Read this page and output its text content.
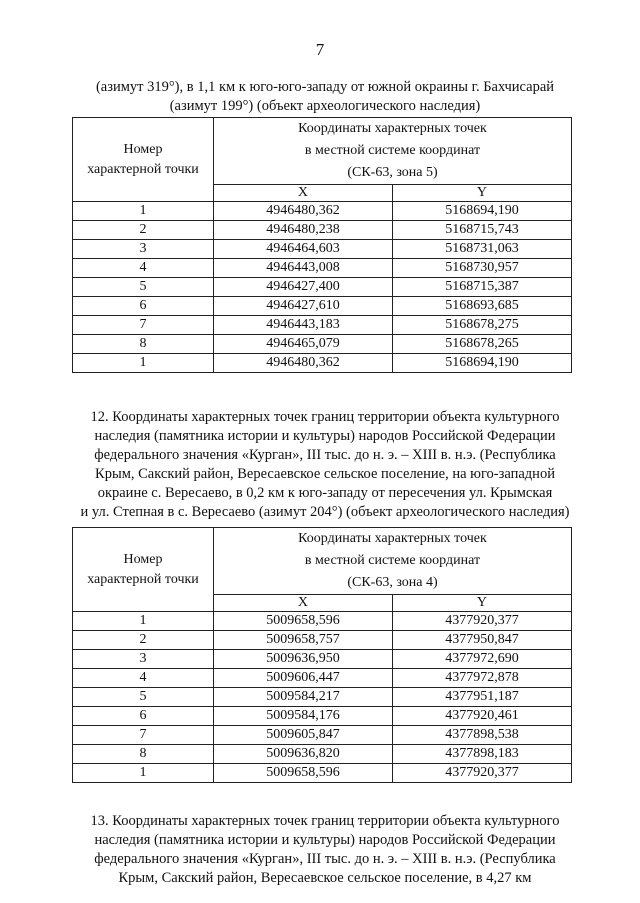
7
(азимут 319°), в 1,1 км к юго-юго-западу от южной окраины г. Бахчисарай
(азимут 199°) (объект археологического наследия)
Номер
характерной точки	Координаты характерных точек
в местной системе координат
(СК-63, зона 5)	

	X	Y
1	4946480,362	5168694,190
2	4946480,238	5168715,743
3	4946464,603	5168731,063
4	4946443,008	5168730,957
5	4946427,400	5168715,387
6	4946427,610	5168693,685
7	4946443,183	5168678,275
8	4946465,079	5168678,265
1	4946480,362	5168694,190
12. Координаты характерных точек границ территории объекта культурного
наследия (памятника истории и культуры) народов Российской Федерации
федерального значения «Курган», III тыс. до н. э. – XIII в. н.э. (Республика
Крым, Сакский район, Вересаевское сельское поселение, на юго-западной
окраине с. Вересаево, в 0,2 км к юго-западу от пересечения ул. Крымская
и ул. Степная в с. Вересаево (азимут 204°) (объект археологического наследия)
Номер
характерной точки	Координаты характерных точек
в местной системе координат
(СК-63, зона 4)	

	X	Y
1	5009658,596	4377920,377
2	5009658,757	4377950,847
3	5009636,950	4377972,690
4	5009606,447	4377972,878
5	5009584,217	4377951,187
6	5009584,176	4377920,461
7	5009605,847	4377898,538
8	5009636,820	4377898,183
1	5009658,596	4377920,377
13. Координаты характерных точек границ территории объекта культурного
наследия (памятника истории и культуры) народов Российской Федерации
федерального значения «Курган», III тыс. до н. э. – XIII в. н.э. (Республика
Крым, Сакский район, Вересаевское сельское поселение, в 4,27 км
